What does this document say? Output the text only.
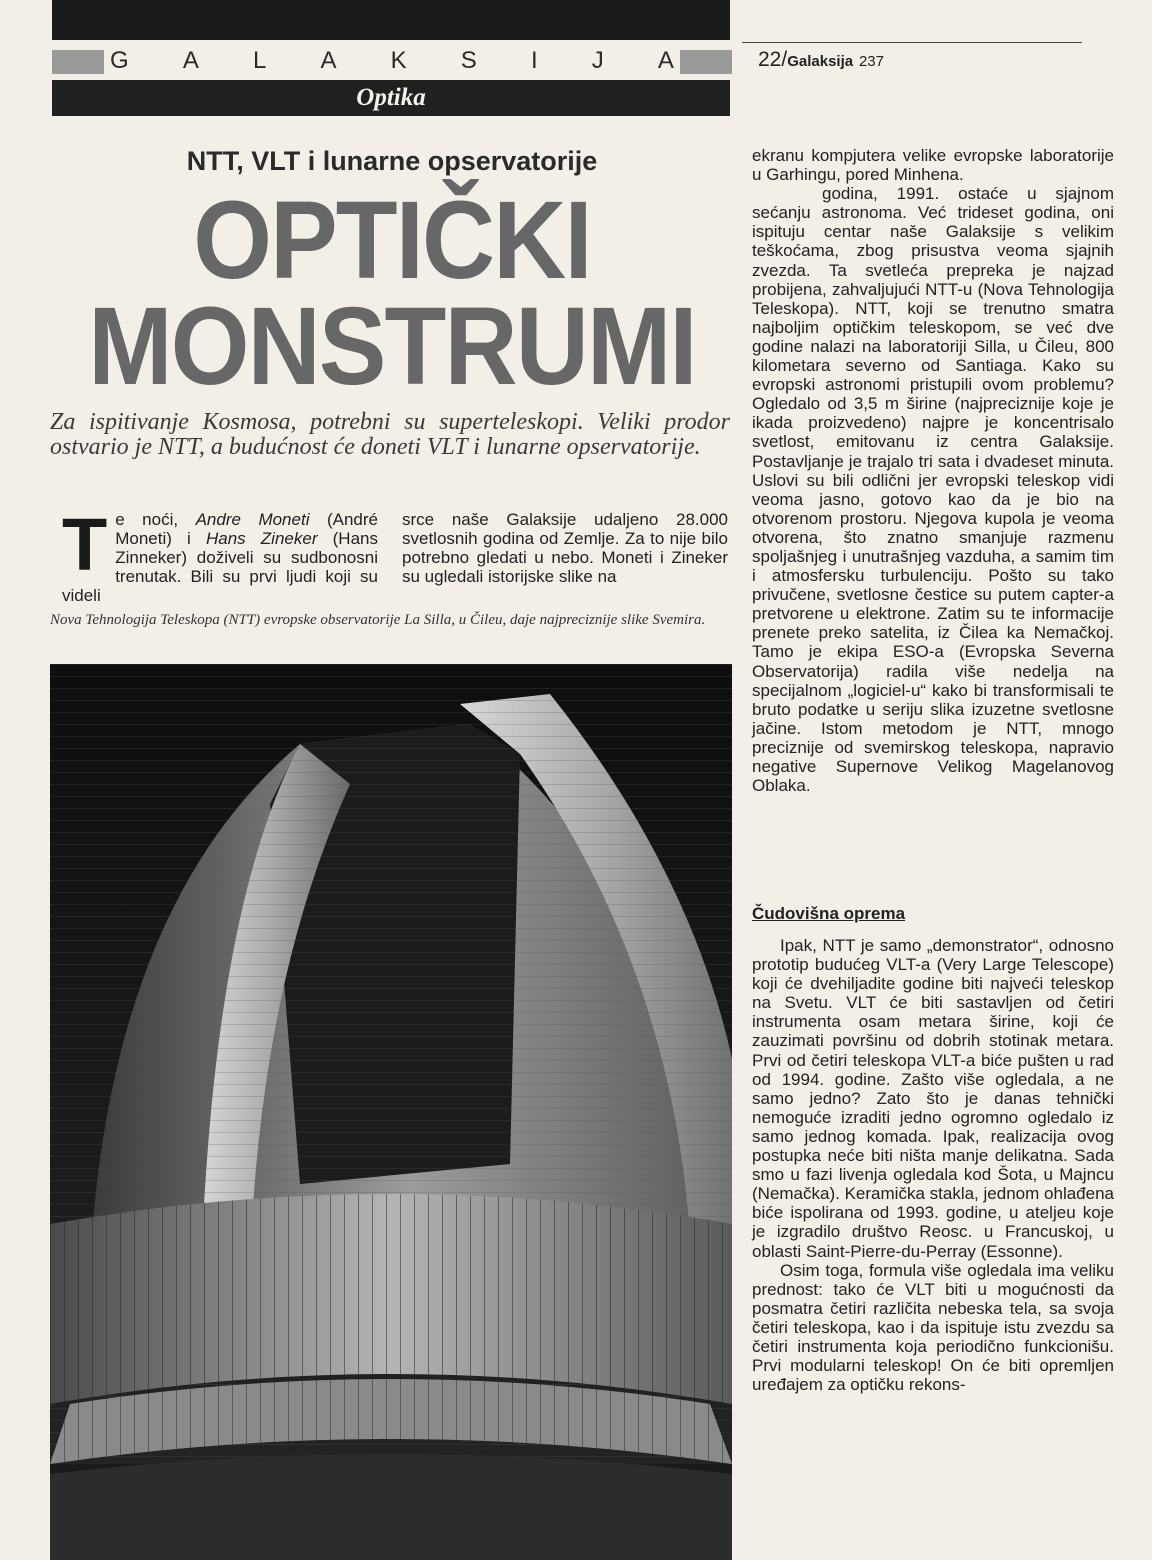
G A L A K S I J A
Optika
22/Galaksija 237
NTT, VLT i lunarne opservatorije
OPTIČKI
MONSTRUMI
Za ispitivanje Kosmosa, potrebni su superteleskopi. Veliki prodor ostvario je NTT, a budućnost će doneti VLT i lunarne opservatorije.
Te noći, Andre Moneti (André Moneti) i Hans Zineker (Hans Zinneker) doživeli su sudbonosni trenutak. Bili su prvi ljudi koji su videli
srce naše Galaksije udaljeno 28.000 svetlosnih godina od Zemlje. Za to nije bilo potrebno gledati u nebo. Moneti i Zineker su ugledali istorijske slike na
Nova Tehnologija Teleskopa (NTT) evropske observatorije La Silla, u Čileu, daje najpreciznije slike Svemira.

ekranu kompjutera velike evropske laboratorije u Garhingu, pored Minhena.

godina, 1991. ostaće u sjajnom sećanju astronoma. Već trideset godina, oni ispituju centar naše Galaksije s velikim teškoćama, zbog prisustva veoma sjajnih zvezda. Ta svetleća prepreka je najzad probijena, zahvaljujući NTT-u (Nova Tehnologija Teleskopa). NTT, koji se trenutno smatra najboljim optičkim teleskopom, se već dve godine nalazi na laboratoriji Silla, u Čileu, 800 kilometara severno od Santiaga. Kako su evropski astronomi pristupili ovom problemu? Ogledalo od 3,5 m širine (najpreciznije koje je ikada proizvedeno) najpre je koncentrisalo svetlost, emitovanu iz centra Galaksije. Postavljanje je trajalo tri sata i dvadeset minuta. Uslovi su bili odlični jer evropski teleskop vidi veoma jasno, gotovo kao da je bio na otvorenom prostoru. Njegova kupola je veoma otvorena, što znatno smanjuje razmenu spoljašnjeg i unutrašnjeg vazduha, a samim tim i atmosfersku turbulenciju. Pošto su tako privučene, svetlosne čestice su putem capter-a pretvorene u elektrone. Zatim su te informacije prenete preko satelita, iz Čilea ka Nemačkoj. Tamo je ekipa ESO-a (Evropska Severna Observatorija) radila više nedelja na specijalnom „logiciel-u“ kako bi transformisali te bruto podatke u seriju slika izuzetne svetlosne jačine. Istom metodom je NTT, mnogo preciznije od svemirskog teleskopa, napravio negative Supernove Velikog Magelanovog Oblaka.

Čudovišna oprema

Ipak, NTT je samo „demonstrator“, odnosno prototip budućeg VLT-a (Very Large Telescope) koji će dvehiljadite godine biti najveći teleskop na Svetu. VLT će biti sastavljen od četiri instrumenta osam metara širine, koji će zauzimati površinu od dobrih stotinak metara. Prvi od četiri teleskopa VLT-a biće pušten u rad od 1994. godine. Zašto više ogledala, a ne samo jedno? Zato što je danas tehnički nemoguće izraditi jedno ogromno ogledalo iz samo jednog komada. Ipak, realizacija ovog postupka neće biti ništa manje delikatna. Sada smo u fazi livenja ogledala kod Šota, u Majncu (Nemačka). Keramička stakla, jednom ohlađena biće ispolirana od 1993. godine, u ateljeu koje je izgradilo društvo Reosc. u Francuskoj, u oblasti Saint-Pierre-du-Perray (Essonne).

Osim toga, formula više ogledala ima veliku prednost: tako će VLT biti u mogućnosti da posmatra četiri različita nebeska tela, sa svoja četiri teleskopa, kao i da ispituje istu zvezdu sa četiri instrumenta koja periodično funkcionišu. Prvi modularni teleskop! On će biti opremljen uređajem za optičku rekons-
